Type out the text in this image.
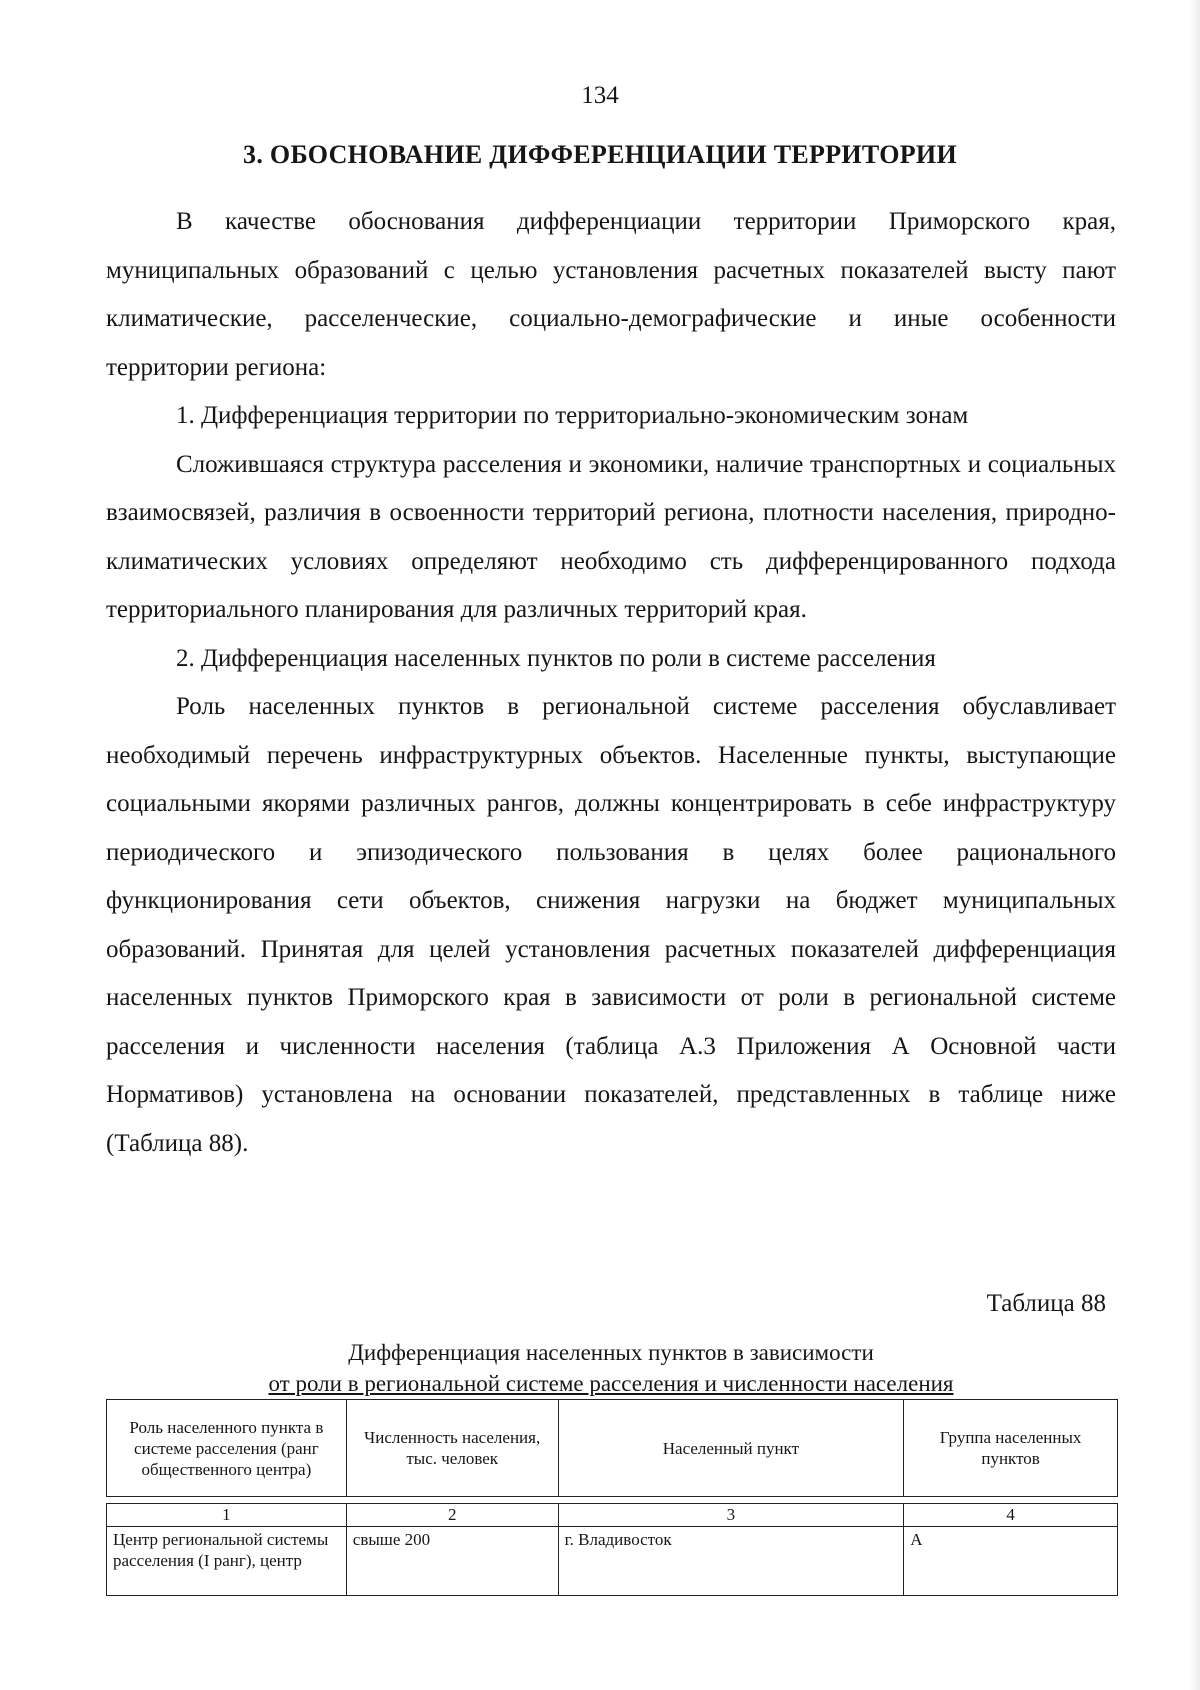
134
3. ОБОСНОВАНИЕ ДИФФЕРЕНЦИАЦИИ ТЕРРИТОРИИ

В качестве обоснования дифференциации территории Приморского края, муниципальных образований с целью установления расчетных показателей высту пают климатические, расселенческие, социально-демографические и иные особенности территории региона:

1. Дифференциация территории по территориально-экономическим зонам

Сложившаяся структура расселения и экономики, наличие транспортных и социальных взаимосвязей, различия в освоенности территорий региона, плотности населения, природно-климатических условиях определяют необходимо сть дифференцированного подхода территориального планирования для различных территорий края.

2. Дифференциация населенных пунктов по роли в системе расселения

Роль населенных пунктов в региональной системе расселения обуславливает необходимый перечень инфраструктурных объектов. Населенные пункты, выступающие социальными якорями различных рангов, должны концентрировать в себе инфраструктуру периодического и эпизодического пользования в целях более рационального функционирования сети объектов, снижения нагрузки на бюджет муниципальных образований. Принятая для целей установления расчетных показателей дифференциация населенных пунктов Приморского края в зависимости от роли в региональной системе расселения и численности населения (таблица А.3 Приложения А Основной части Нормативов) установлена на основании показателей, представленных в таблице ниже (Таблица 88).

Таблица 88
Дифференциация населенных пунктов в зависимости
от роли в региональной системе расселения и численности населения
Роль населенного пункта в системе расселения (ранг общественного центра)	Численность населения, тыс. человек	Населенный пункт	Группа населенных пунктов

1	2	3	4
Центр региональной системы расселения (I ранг), центр	свыше 200	г. Владивосток	А
